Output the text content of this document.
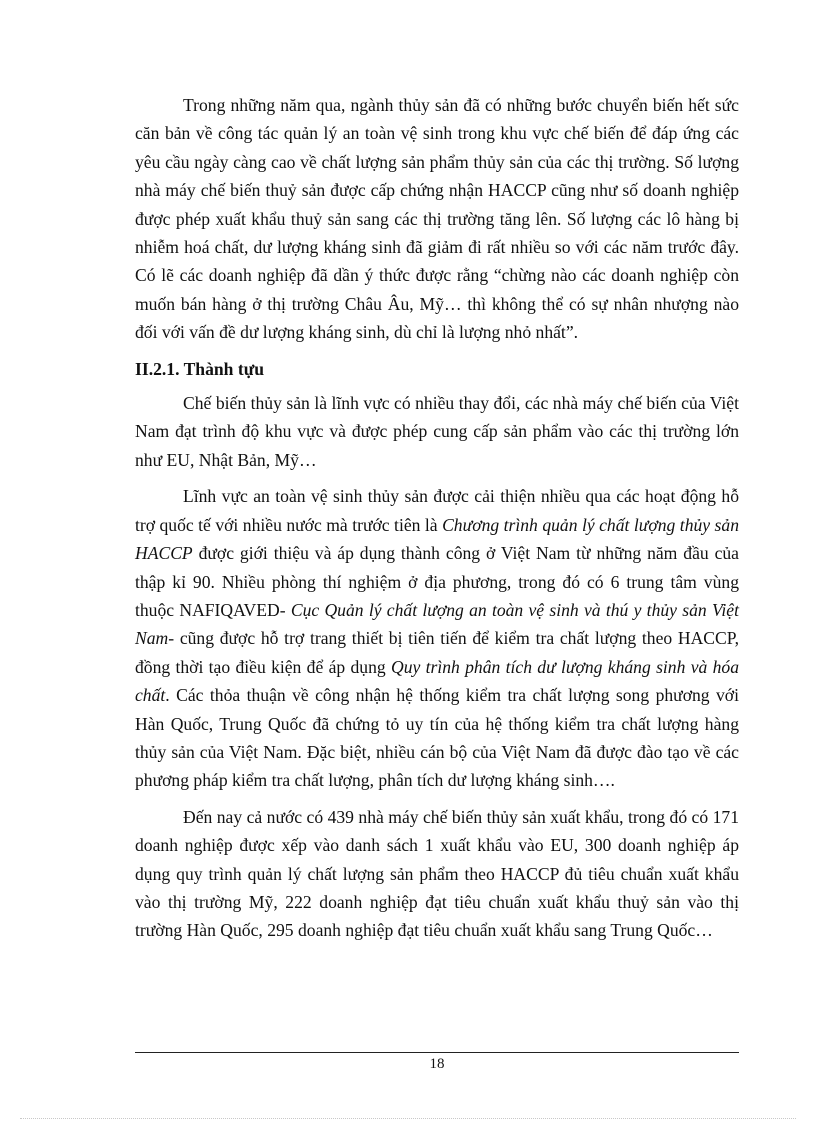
Trong những năm qua, ngành thủy sản đã có những bước chuyển biến hết sức căn bản về công tác quản lý an toàn vệ sinh trong khu vực chế biến để đáp ứng các yêu cầu ngày càng cao về chất lượng sản phẩm thủy sản của các thị trường. Số lượng nhà máy chế biến thuỷ sản được cấp chứng nhận HACCP cũng như số doanh nghiệp được phép xuất khẩu thuỷ sản sang các thị trường tăng lên. Số lượng các lô hàng bị nhiễm hoá chất, dư lượng kháng sinh đã giảm đi rất nhiều so với các năm trước đây. Có lẽ các doanh nghiệp đã dần ý thức được rằng “chừng nào các doanh nghiệp còn muốn bán hàng ở thị trường Châu Âu, Mỹ… thì không thể có sự nhân nhượng nào đối với vấn đề dư lượng kháng sinh, dù chỉ là lượng nhỏ nhất”.

II.2.1. Thành tựu

Chế biến thủy sản là lĩnh vực có nhiều thay đổi, các nhà máy chế biến của Việt Nam đạt trình độ khu vực và được phép cung cấp sản phẩm vào các thị trường lớn như EU, Nhật Bản, Mỹ…

Lĩnh vực an toàn vệ sinh thủy sản được cải thiện nhiều qua các hoạt động hỗ trợ quốc tế với nhiều nước mà trước tiên là Chương trình quản lý chất lượng thủy sản HACCP được giới thiệu và áp dụng thành công ở Việt Nam từ những năm đầu của thập kỉ 90. Nhiều phòng thí nghiệm ở địa phương, trong đó có 6 trung tâm vùng thuộc NAFIQAVED- Cục Quản lý chất lượng an toàn vệ sinh và thú y thủy sản Việt Nam- cũng được hỗ trợ trang thiết bị tiên tiến để kiểm tra chất lượng theo HACCP, đồng thời tạo điều kiện để áp dụng Quy trình phân tích dư lượng kháng sinh và hóa chất. Các thỏa thuận về công nhận hệ thống kiểm tra chất lượng song phương với Hàn Quốc, Trung Quốc đã chứng tỏ uy tín của hệ thống kiểm tra chất lượng hàng thủy sản của Việt Nam. Đặc biệt, nhiều cán bộ của Việt Nam đã được đào tạo về các phương pháp kiểm tra chất lượng, phân tích dư lượng kháng sinh….

Đến nay cả nước có 439 nhà máy chế biến thủy sản xuất khẩu, trong đó có 171 doanh nghiệp được xếp vào danh sách 1 xuất khẩu vào EU, 300 doanh nghiệp áp dụng quy trình quản lý chất lượng sản phẩm theo HACCP đủ tiêu chuẩn xuất khẩu vào thị trường Mỹ, 222 doanh nghiệp đạt tiêu chuẩn xuất khẩu thuỷ sản vào thị trường Hàn Quốc, 295 doanh nghiệp đạt tiêu chuẩn xuất khẩu sang Trung Quốc…

18
